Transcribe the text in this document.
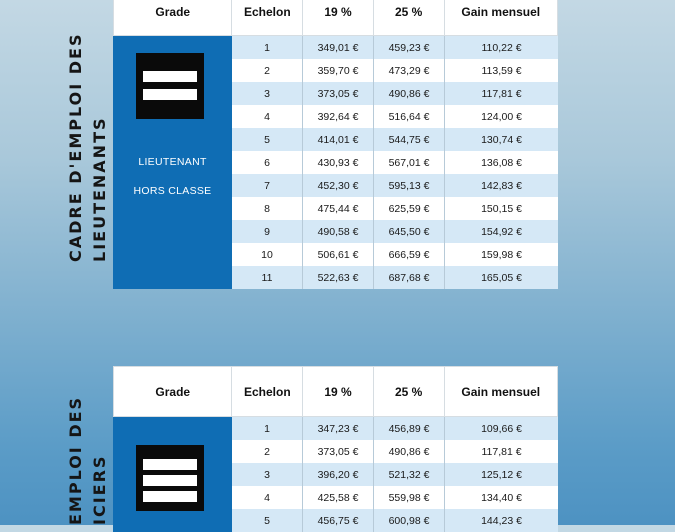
CADRE D'EMPLOI DES LIEUTENANTS
Grade	Echelon	19 %	25 %	Gain mensuel
LIEUTENANT
HORS CLASSE
1	349,01 €	459,23 €	110,22 €
2	359,70 €	473,29 €	113,59 €
3	373,05 €	490,86 €	117,81 €
4	392,64 €	516,64 €	124,00 €
5	414,01 €	544,75 €	130,74 €
6	430,93 €	567,01 €	136,08 €
7	452,30 €	595,13 €	142,83 €
8	475,44 €	625,59 €	150,15 €
9	490,58 €	645,50 €	154,92 €
10	506,61 €	666,59 €	159,98 €
11	522,63 €	687,68 €	165,05 €
EMPLOI DES ICIERS
Grade	Echelon	19 %	25 %	Gain mensuel
1	347,23 €	456,89 €	109,66 €
2	373,05 €	490,86 €	117,81 €
3	396,20 €	521,32 €	125,12 €
4	425,58 €	559,98 €	134,40 €
5	456,75 €	600,98 €	144,23 €
